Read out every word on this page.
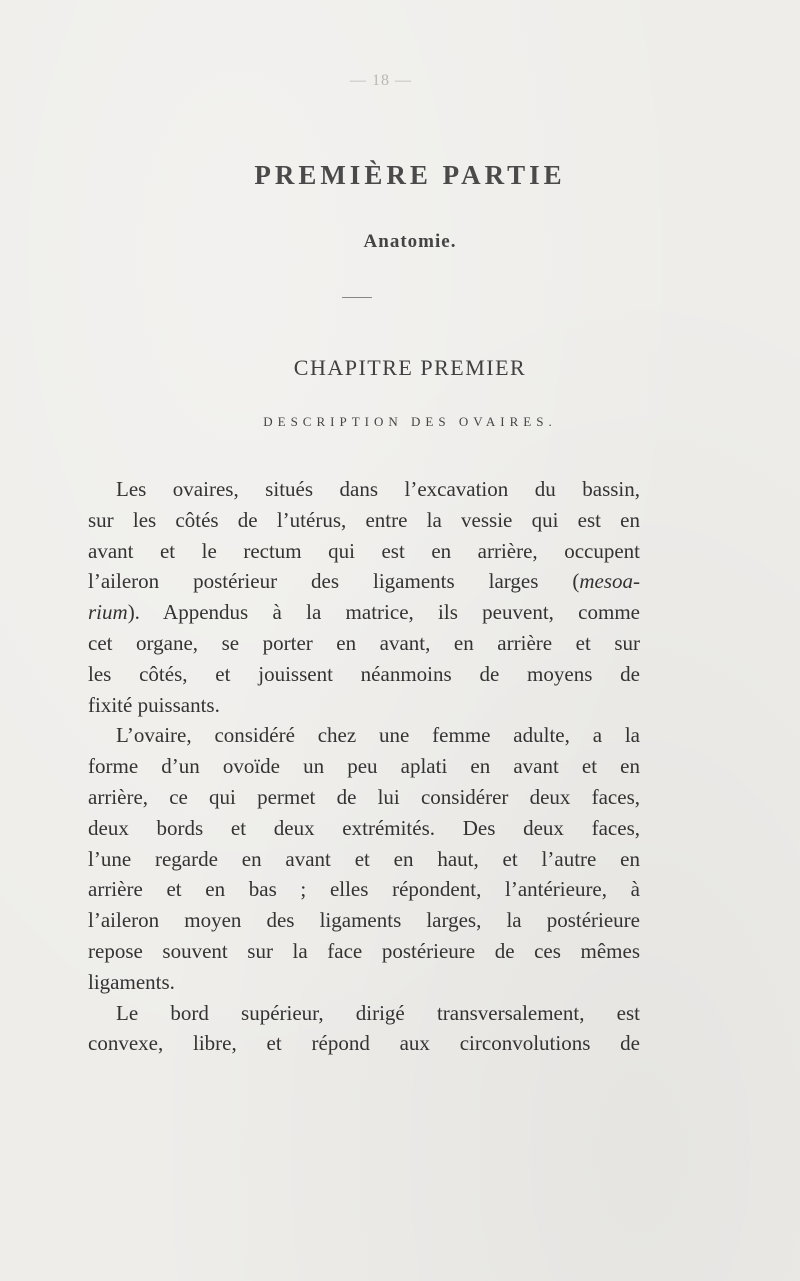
— 18 —
PREMIÈRE PARTIE
Anatomie.
CHAPITRE PREMIER
DESCRIPTION DES OVAIRES.

Les ovaires, situés dans l’excavation du bassin,
sur les côtés de l’utérus, entre la vessie qui est en
avant et le rectum qui est en arrière, occupent
l’aileron postérieur des ligaments larges (mesoa-
rium). Appendus à la matrice, ils peuvent, comme
cet organe, se porter en avant, en arrière et sur
les côtés, et jouissent néanmoins de moyens de
fixité puissants.

L’ovaire, considéré chez une femme adulte, a la
forme d’un ovoïde un peu aplati en avant et en
arrière, ce qui permet de lui considérer deux faces,
deux bords et deux extrémités. Des deux faces,
l’une regarde en avant et en haut, et l’autre en
arrière et en bas ; elles répondent, l’antérieure, à
l’aileron moyen des ligaments larges, la postérieure
repose souvent sur la face postérieure de ces mêmes
ligaments.

Le bord supérieur, dirigé transversalement, est
convexe, libre, et répond aux circonvolutions de
